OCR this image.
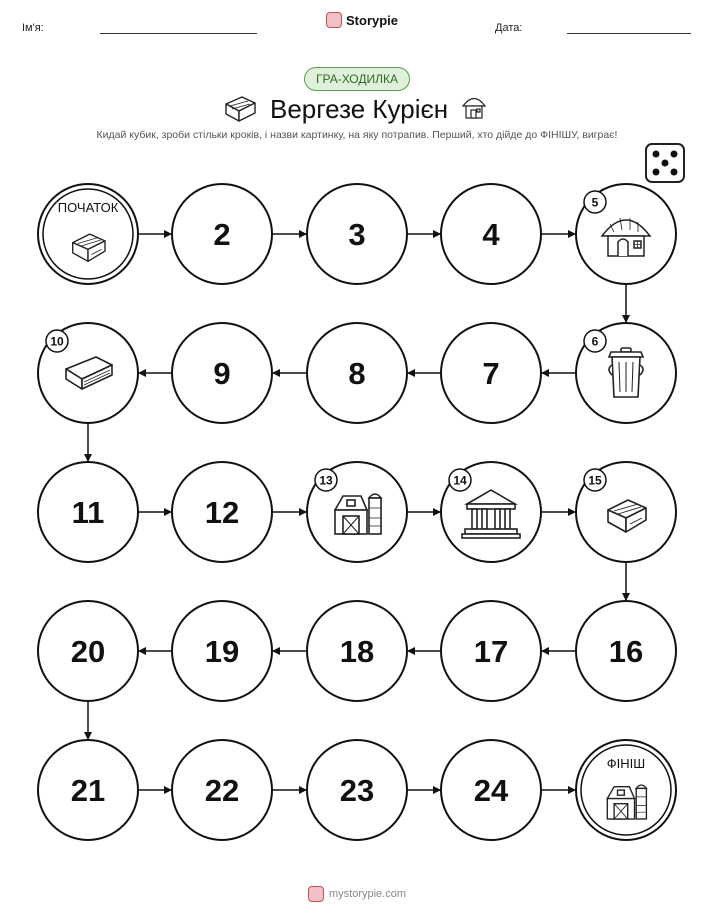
Ім'я:
Storypie
Дата:
ГРА-ХОДИЛКА
Вергезе Курієн
Кидай кубик, зроби стільки кроків, і назви картинку, на яку потрапив. Перший, хто дійде до ФІНІШУ, виграє!
ПОЧАТОК
2	3	4
5
6
7
8
9
10
11	12
13	14	15
16
17
18
19
20
21	22	23	24
ФІНІШ
mystorypie.com
